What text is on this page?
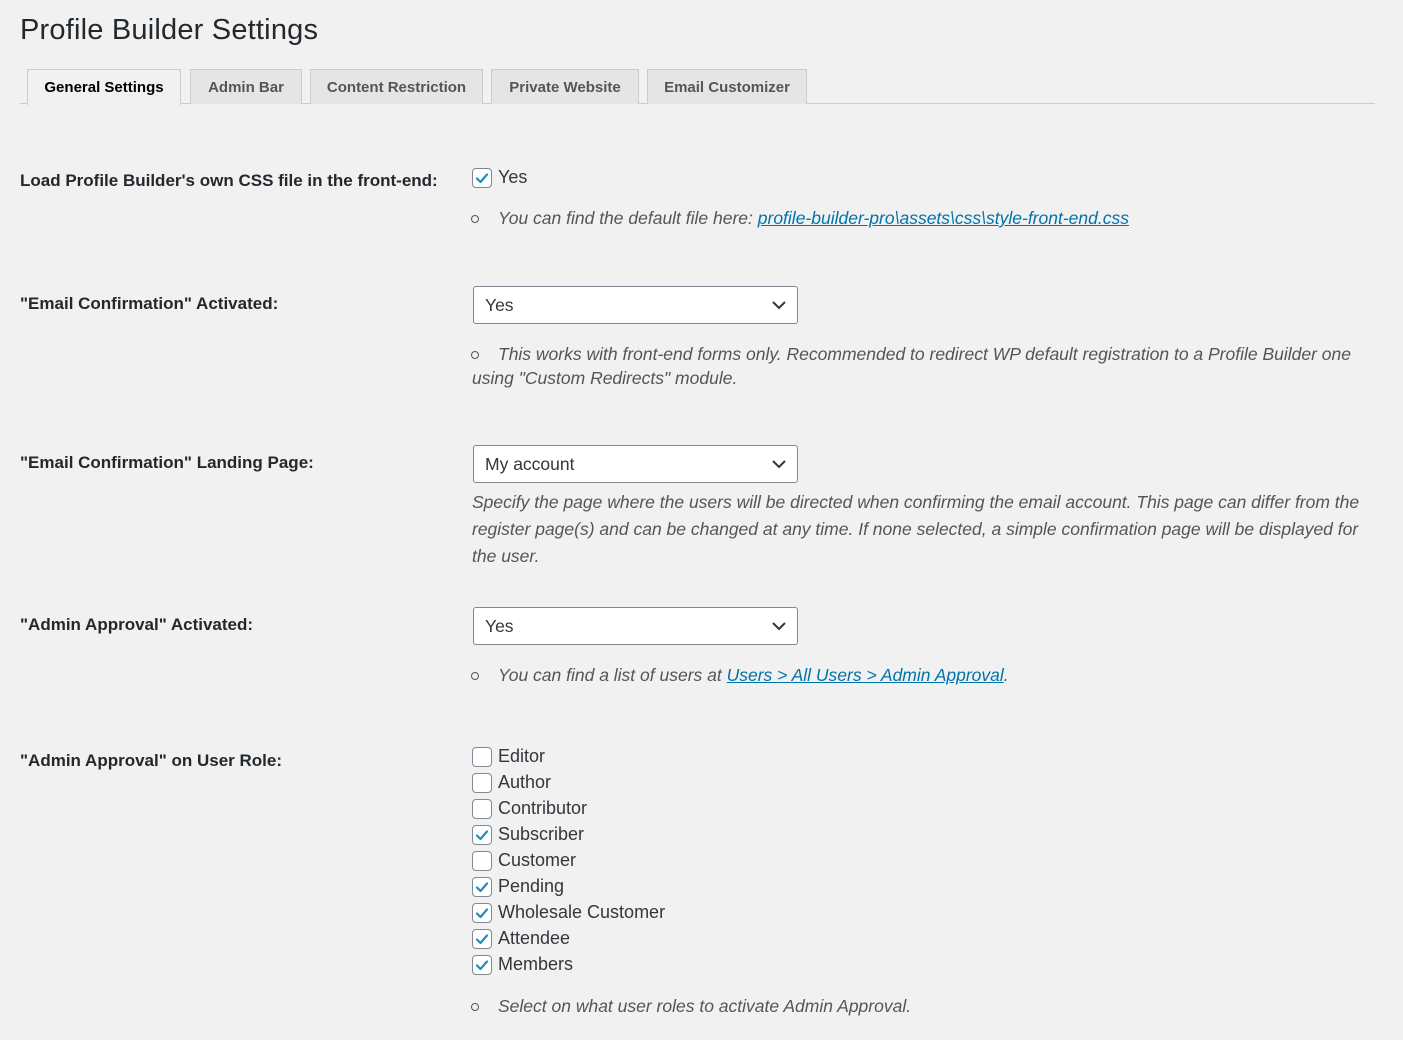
Profile Builder Settings
General Settings	Admin Bar	Content Restriction	Private Website	Email Customizer
Load Profile Builder's own CSS file in the front-end:	Yes
You can find the default file here: profile-builder-pro\assets\css\style-front-end.css
"Email Confirmation" Activated:	Yes
This works with front-end forms only. Recommended to redirect WP default registration to a Profile Builder one
using "Custom Redirects" module.
"Email Confirmation" Landing Page:	My account
Specify the page where the users will be directed when confirming the email account. This page can differ from the
register page(s) and can be changed at any time. If none selected, a simple confirmation page will be displayed for
the user.
"Admin Approval" Activated:	Yes
You can find a list of users at Users > All Users > Admin Approval.
"Admin Approval" on User Role:	Editor
Author
Contributor
Subscriber
Customer
Pending
Wholesale Customer
Attendee
Members
Select on what user roles to activate Admin Approval.
